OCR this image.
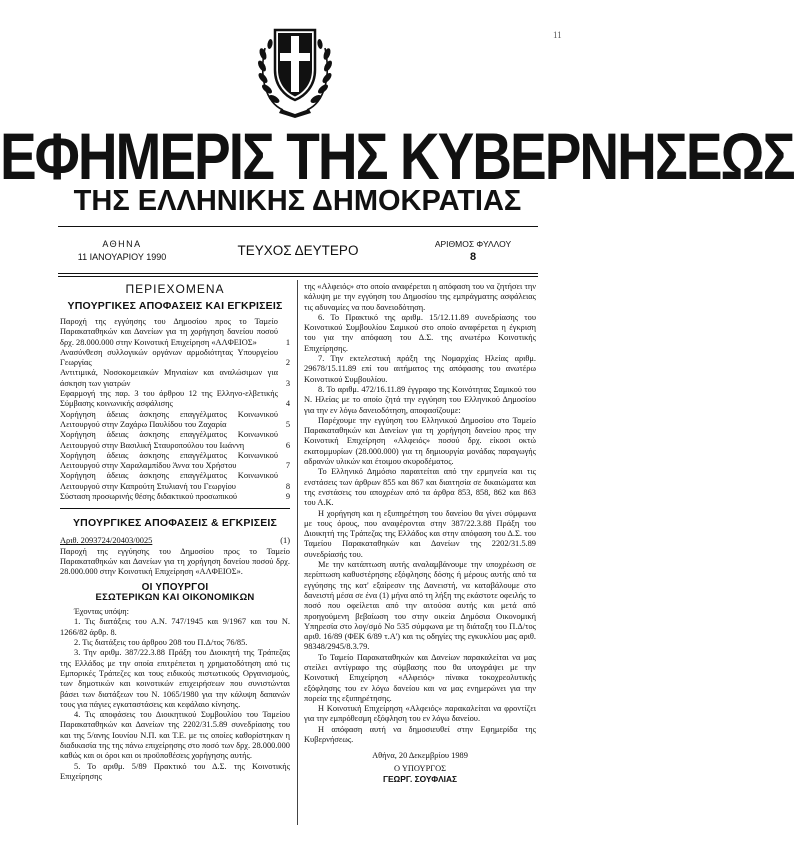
11
ΕΦΗΜΕΡΙΣ ΤΗΣ ΚΥΒΕΡΝΗΣΕΩΣ
ΤΗΣ ΕΛΛΗΝΙΚΗΣ ΔΗΜΟΚΡΑΤΙΑΣ
ΑΘΗΝΑ
11 ΙΑΝΟΥΑΡΙΟΥ 1990	ΤΕΥΧΟΣ ΔΕΥΤΕΡΟ	ΑΡΙΘΜΟΣ ΦΥΛΛΟΥ
8
ΠΕΡΙΕΧΟΜΕΝΑ
ΥΠΟΥΡΓΙΚΕΣ ΑΠΟΦΑΣΕΙΣ ΚΑΙ ΕΓΚΡΙΣΕΙΣ
Παροχή της εγγύησης του Δημοσίου προς το Ταμείο Παρακαταθηκών και Δανείων για τη χορήγηση δανείου ποσού δρχ. 28.000.000 στην Κοινοτική Επιχείρηση «ΑΛΦΕΙΟΣ»	1
Ανασύνθεση συλλογικών οργάνων αρμοδιότητας Υπουργείου Γεωργίας	2
Αντιτιμικά, Νοσοκομειακών Μηνιαίων και αναλώσιμων για άσκηση των γιατρών	3
Εφαρμογή της παρ. 3 του άρθρου 12 της Ελληνο-ελβετικής Σύμβασης κοινωνικής ασφάλισης	4
Χορήγηση άδειας άσκησης επαγγέλματος Κοινωνικού Λειτουργού στην Ζαχάρω Παυλίδου του Ζαχαρία	5
Χορήγηση άδειας άσκησης επαγγέλματος Κοινωνικού Λειτουργού στην Βασιλική Σταυροπούλου του Ιωάννη	6
Χορήγηση άδειας άσκησης επαγγέλματος Κοινωνικού Λειτουργού στην Χαραλαμπίδου Άννα του Χρήστου	7
Χορήγηση άδειας άσκησης επαγγέλματος Κοινωνικού Λειτουργού στην Καπρούτη Στυλιανή του Γεωργίου	8
Σύσταση προσωρινής θέσης διδακτικού προσωπικού	9
ΥΠΟΥΡΓΙΚΕΣ ΑΠΟΦΑΣΕΙΣ & ΕΓΚΡΙΣΕΙΣ
Αριθ. 2093724/20403/0025	(1)

Παροχή της εγγύησης του Δημοσίου προς το Ταμείο Παρακαταθηκών και Δανείων για τη χορήγηση δανείου ποσού δρχ. 28.000.000 στην Κοινοτική Επιχείρηση «ΑΛΦΕΙΟΣ».

ΟΙ ΥΠΟΥΡΓΟΙ
ΕΣΩΤΕΡΙΚΩΝ ΚΑΙ ΟΙΚΟΝΟΜΙΚΩΝ

Έχοντας υπόψη:

1. Τις διατάξεις του Α.Ν. 747/1945 και 9/1967 και του Ν. 1266/82 άρθρ. 8.

2. Τις διατάξεις του άρθρου 208 του Π.Δ/τος 76/85.

3. Την αριθμ. 387/22.3.88 Πράξη του Διοικητή της Τράπεζας της Ελλάδος με την οποία επιτρέπεται η χρηματοδότηση από τις Εμπορικές Τράπεζες και τους ειδικούς πιστωτικούς Οργανισμούς, των δημοτικών και κοινοτικών επιχειρήσεων που συνιστώνται βάσει των διατάξεων του Ν. 1065/1980 για την κάλυψη δαπανών τους για πάγιες εγκαταστάσεις και κεφάλαιο κίνησης.

4. Τις αποφάσεις του Διοικητικού Συμβουλίου του Ταμείου Παρακαταθηκών και Δανείων της 2202/31.5.89 συνεδρίασης του και της 5/ανης Ιουνίου Ν.Π. και Τ.Ε. με τις οποίες καθορίστηκαν η διαδικασία της της πάνω επιχείρησης στο ποσό των δρχ. 28.000.000 καθώς και οι όροι και οι προϋποθέσεις χορήγησης αυτής.

5. Το αριθμ. 5/89 Πρακτικό του Δ.Σ. της Κοινοτικής Επιχείρησης

της «Αλφειός» στο οποίο αναφέρεται η απόφαση του να ζητήσει την κάλυψη με την εγγύηση του Δημοσίου της εμπράγματης ασφάλειας τις αδυναμίες να που δανειοδότηση.

6. Το Πρακτικό της αριθμ. 15/12.11.89 συνεδρίασης του Κοινοτικού Συμβουλίου Σαμικού στο οποίο αναφέρεται η έγκριση του για την απόφαση του Δ.Σ. της ανωτέρω Κοινοτικής Επιχείρησης.

7. Την εκτελεστική πράξη της Νομαρχίας Ηλείας αριθμ. 29678/15.11.89 επί του αιτήματος της απόφασης του ανωτέρω Κοινοτικού Συμβουλίου.

8. Το αριθμ. 472/16.11.89 έγγραφο της Κοινότητας Σαμικού του Ν. Ηλείας με το οποίο ζητά την εγγύηση του Ελληνικού Δημοσίου για την εν λόγω δανειοδότηση, αποφασίζουμε:

Παρέχουμε την εγγύηση του Ελληνικού Δημοσίου στο Ταμείο Παρακαταθηκών και Δανείων για τη χορήγηση δανείου προς την Κοινοτική Επιχείρηση «Αλφειός» ποσού δρχ. είκοσι οκτώ εκατομμυρίων (28.000.000) για τη δημιουργία μονάδας παραγωγής αδρανών υλικών και έτοιμου σκυροδέματος.

Το Ελληνικό Δημόσιο παραιτείται από την ερμηνεία και τις ενστάσεις των άρθρων 855 και 867 και διαιτησία σε δικαιώματα και της ενστάσεις του αποχρέων από τα άρθρα 853, 858, 862 και 863 του Α.Κ.

Η χορήγηση και η εξυπηρέτηση του δανείου θα γίνει σύμφωνα με τους όρους, που αναφέρονται στην 387/22.3.88 Πράξη του Διοικητή της Τράπεζας της Ελλάδος και στην απόφαση του Δ.Σ. του Ταμείου Παρακαταθηκών και Δανείων της 2202/31.5.89 συνεδρίασής του.

Με την κατάπτωση αυτής αναλαμβάνουμε την υποχρέωση σε περίπτωση καθυστέρησης εξόφλησης δόσης ή μέρους αυτής από τα εγγύησης της κατ' εξαίρεσιν της Δανειστή, να καταβάλουμε στο δανειστή μέσα σε ένα (1) μήνα από τη λήξη της εκάστοτε οφειλής το ποσό που οφείλεται από την αιτούσα αυτής και μετά από προηγούμενη βεβαίωση του στην οικεία Δημόσια Οικονομική Υπηρεσία στο λογ/σμό Νο 535 σύμφωνα με τη διάταξη του Π.Δ/τος αριθ. 16/89 (ΦΕΚ 6/89 τ.Α') και τις οδηγίες της εγκυκλίου μας αριθ. 98348/2945/8.3.79.

Το Ταμείο Παρακαταθηκών και Δανείων παρακαλείται να μας στείλει αντίγραφο της σύμβασης που θα υπογράψει με την Κοινοτική Επιχείρηση «Αλφειός» πίνακα τοκοχρεολυτικής εξόφλησης του εν λόγω δανείου και να μας ενημερώνει για την πορεία της εξυπηρέτησης.

Η Κοινοτική Επιχείρηση «Αλφειός» παρακαλείται να φροντίζει για την εμπρόθεσμη εξόφληση του εν λόγω δανείου.

Η απόφαση αυτή να δημοσιευθεί στην Εφημερίδα της Κυβερνήσεως.

Αθήνα, 20 Δεκεμβρίου 1989

Ο ΥΠΟΥΡΓΟΣ

ΓΕΩΡΓ. ΣΟΥΦΛΙΑΣ
